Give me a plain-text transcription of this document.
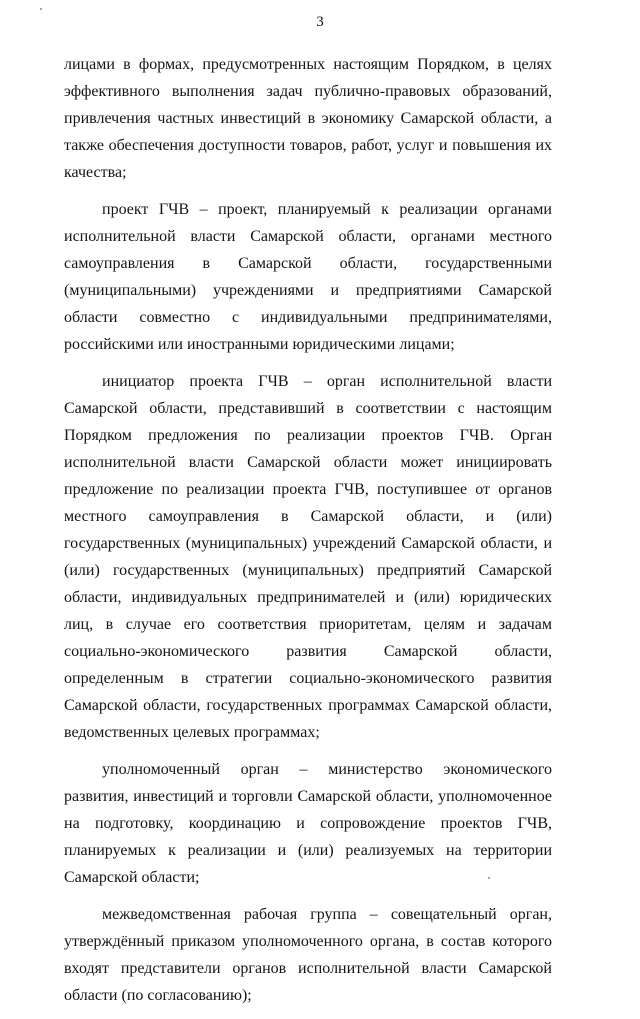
3

лицами в формах, предусмотренных настоящим Порядком, в целях эффективного выполнения задач публично-правовых образований, привлечения частных инвестиций в экономику Самарской области, а также обеспечения доступности товаров, работ, услуг и повышения их качества;

проект ГЧВ – проект, планируемый к реализации органами исполнительной власти Самарской области, органами местного самоуправления в Самарской области, государственными (муниципальными) учреждениями и предприятиями Самарской области совместно с индивидуальными предпринимателями, российскими или иностранными юридическими лицами;

инициатор проекта ГЧВ – орган исполнительной власти Самарской области, представивший в соответствии с настоящим Порядком предложения по реализации проектов ГЧВ. Орган исполнительной власти Самарской области может инициировать предложение по реализации проекта ГЧВ, поступившее от органов местного самоуправления в Самарской области, и (или) государственных (муниципальных) учреждений Самарской области, и (или) государственных (муниципальных) предприятий Самарской области, индивидуальных предпринимателей и (или) юридических лиц, в случае его соответствия приоритетам, целям и задачам социально-экономического развития Самарской области, определенным в стратегии социально-экономического развития Самарской области, государственных программах Самарской области, ведомственных целевых программах;

уполномоченный орган – министерство экономического развития, инвестиций и торговли Самарской области, уполномоченное на подготовку, координацию и сопровождение проектов ГЧВ, планируемых к реализации и (или) реализуемых на территории Самарской области;

межведомственная рабочая группа – совещательный орган, утверждённый приказом уполномоченного органа, в состав которого входят представители органов исполнительной власти Самарской области (по согласованию);
